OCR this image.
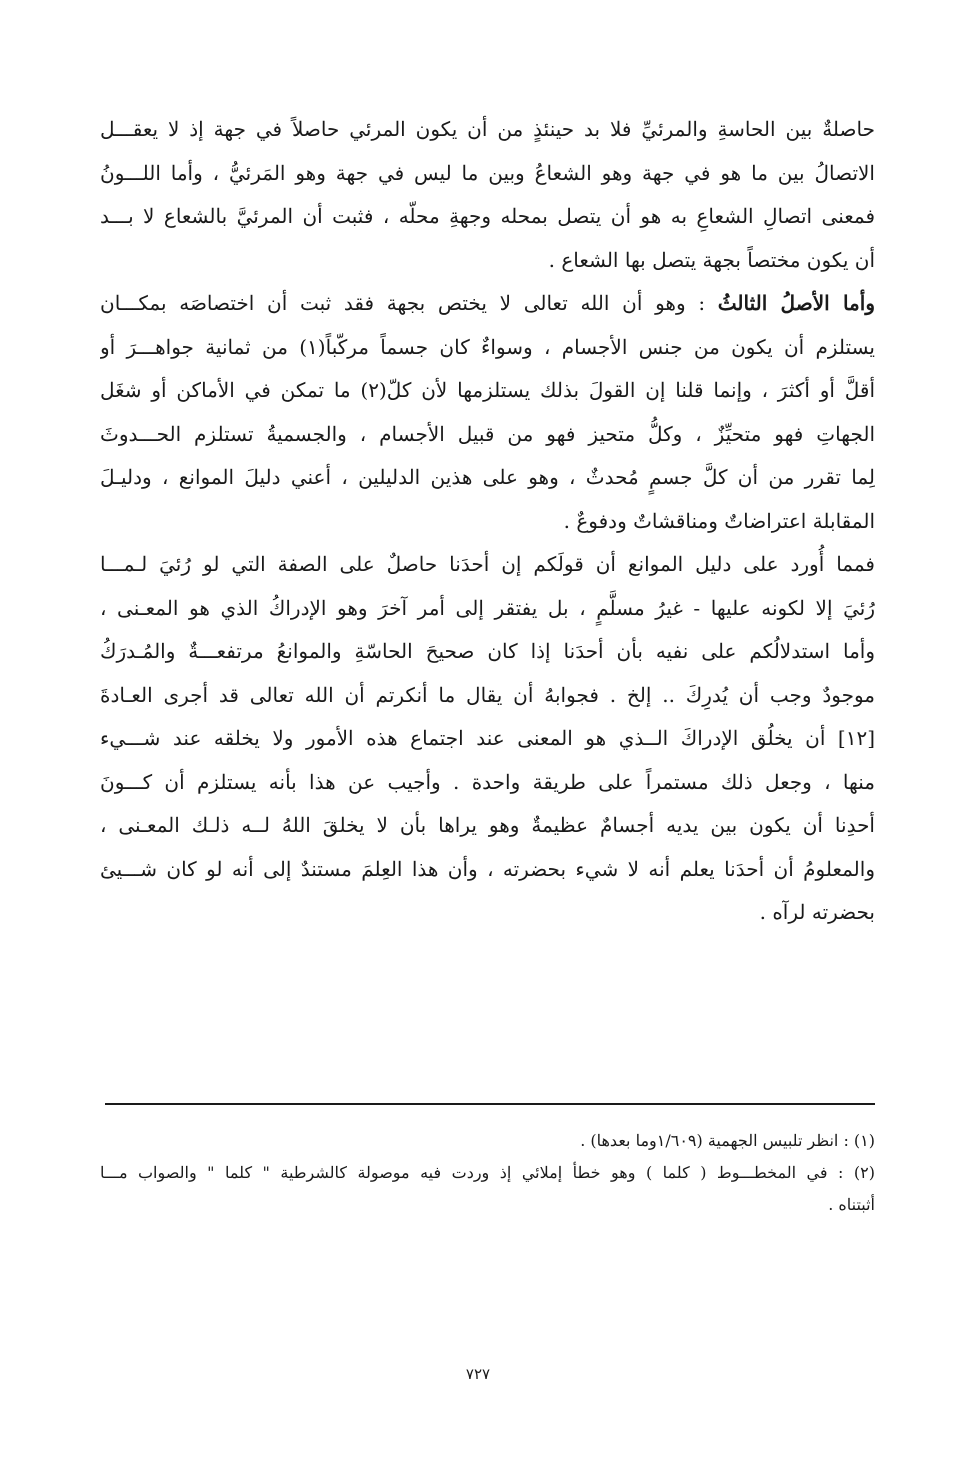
حاصلةٌ بين الحاسةِ والمرئيِّ فلا بد حينئذٍ من أن يكون المرئي حاصلاً في جهة إذ لا يعقـــل
الاتصالُ بين ما هو في جهة وهو الشعاعُ وبين ما ليس في جهة وهو المَرئيُّ ، وأما اللـــونُ
فمعنى اتصالِ الشعاعِ به هو أن يتصل بمحله وجهةِ محلّه ، فثبت أن المرئيَّ بالشعاع لا بـــد
أن يكون مختصاً بجهة يتصل بها الشعاع .
وأما الأصلُ الثالثُ : وهو أن الله تعالى لا يختص بجهة فقد ثبت أن اختصاصَه بمكـــان
يستلزم أن يكون من جنس الأجسام ، وسواءٌ كان جسماً مركّباً(١) من ثمانية جواهـــرَ أو
أقلَّ أو أكثرَ ، وإنما قلنا إن القولَ بذلك يستلزمها لأن كلّ(٢) ما تمكن في الأماكن أو شغَل
الجهاتِ فهو متحيِّزٌ ، وكلُّ متحيز فهو من قبيل الأجسام ، والجسميةُ تستلزم الحـــدوثَ
لِما تقرر من أن كلَّ جسمٍ مُحدثٌ ، وهو على هذين الدليلين ، أعني دليلَ الموانع ، ودليـلَ
المقابلة اعتراضاتٌ ومناقشاتٌ ودفوعٌ .
فمما أُورد على دليل الموانع أن قولَكم إن أحدَنا حاصلٌ على الصفة التي لو رُئيَ لـمـــا
رُئيَ إلا لكونه عليها - غيرُ مسلَّمٍ ، بل يفتقر إلى أمر آخرَ وهو الإدراكُ الذي هو المعـنى ،
وأما استدلالُكم على نفيه بأن أحدَنا إذا كان صحيحَ الحاسّةِ والموانعُ مرتفعـــةٌ والمُـدرَكُ
موجودٌ وجب أن يُدرِكَ .. إلخ . فجوابهُ أن يقال ما أنكرتم أن الله تعالى قد أجرى العـادةَ
[١٢] أن يخلُق الإدراكَ الــذي هو المعنى عند اجتماع هذه الأمور ولا يخلقه عند شـــيء
منها ، وجعل ذلك مستمراً على طريقة واحدة . وأجيب عن هذا بأنه يستلزم أن كـــونَ
أحدِنا أن يكون بين يديه أجسامٌ عظيمةٌ وهو يراها بأن لا يخلقَ اللهُ لــه ذلـك المعـنى ،
والمعلومُ أن أحدَنا يعلم أنه لا شيء بحضرته ، وأن هذا العِلمَ مستندٌ إلى أنه لو كان شـــيئ
بحضرته لرآه .
(١) : انظر تلبيس الجهمية (١/٦٠٩وما بعدها) .
(٢) : في المخطـــوط ( كلما ) وهو خطأ إملائي إذ وردت فيه موصولة كالشرطية " كلما " والصواب مـــا
أثبتناه .
٧٢٧
